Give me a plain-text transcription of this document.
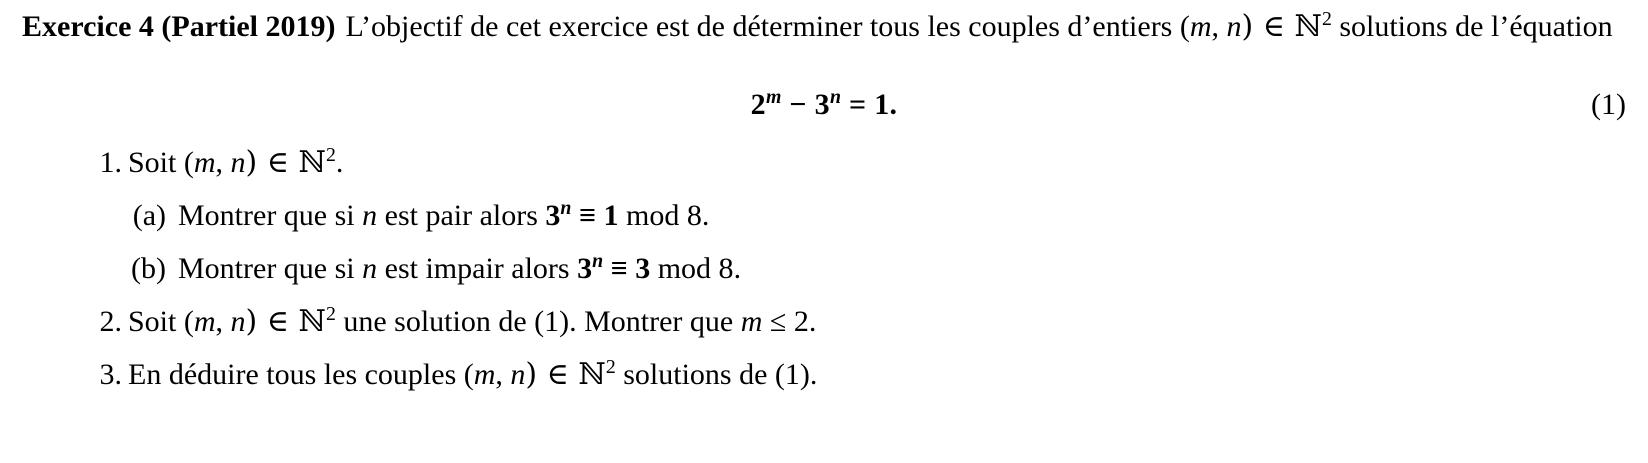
Exercice 4 (Partiel 2019) L’objectif de cet exercice est de déterminer tous les couples d’entiers (m, n) ∈ ℕ$^2$ solutions de l’équation
$2^m - 3^n = 1$.	(1)
1. Soit (m, n) ∈ ℕ$^2$.
(a) Montrer que si n est pair alors $3^n \equiv 1$ mod 8.
(b) Montrer que si n est impair alors $3^n \equiv 3$ mod 8.
2. Soit (m, n) ∈ ℕ$^2$ une solution de (1). Montrer que m ≤ 2.
3. En déduire tous les couples (m, n) ∈ ℕ$^2$ solutions de (1).
